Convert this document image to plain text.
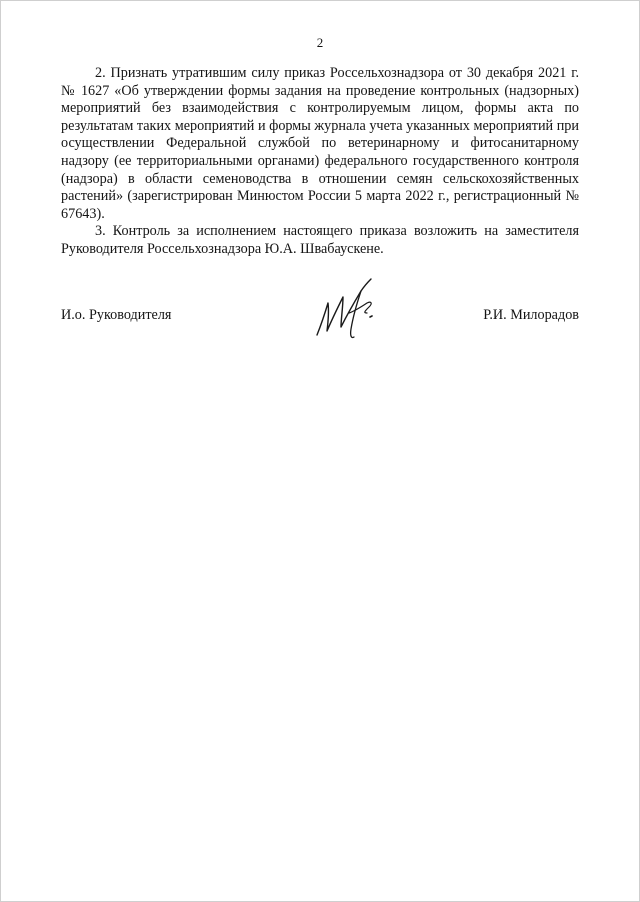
2

2. Признать утратившим силу приказ Россельхознадзора от 30 декабря 2021 г. № 1627 «Об утверждении формы задания на проведение контрольных (надзорных) мероприятий без взаимодействия с контролируемым лицом, формы акта по результатам таких мероприятий и формы журнала учета указанных мероприятий при осуществлении Федеральной службой по ветеринарному и фитосанитарному надзору (ее территориальными органами) федерального государственного контроля (надзора) в области семеноводства в отношении семян сельскохозяйственных растений» (зарегистрирован Минюстом России 5 марта 2022 г., регистрационный № 67643).

3. Контроль за исполнением настоящего приказа возложить на заместителя Руководителя Россельхознадзора Ю.А. Швабаускене.

И.о. Руководителя	Р.И. Милорадов
